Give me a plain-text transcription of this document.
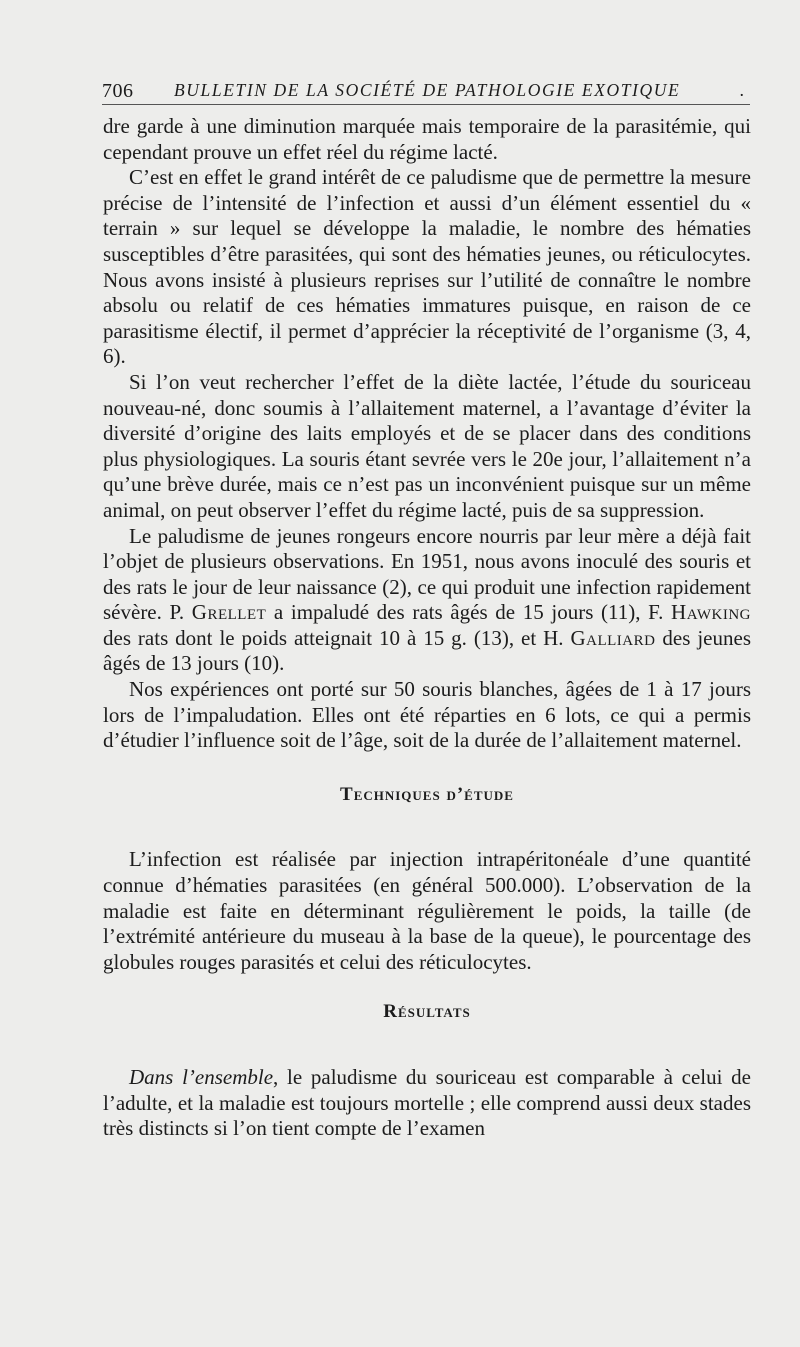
706 BULLETIN DE LA SOCIÉTÉ DE PATHOLOGIE EXOTIQUE	.

dre garde à une diminution marquée mais temporaire de la parasitémie, qui cependant prouve un effet réel du régime lacté.

C’est en effet le grand intérêt de ce paludisme que de permettre la mesure précise de l’intensité de l’infection et aussi d’un élément essentiel du « terrain » sur lequel se développe la maladie, le nombre des hématies susceptibles d’être parasitées, qui sont des hématies jeunes, ou réticulocytes. Nous avons insisté à plusieurs reprises sur l’utilité de connaître le nombre absolu ou relatif de ces hématies immatures puisque, en raison de ce parasitisme électif, il permet d’apprécier la réceptivité de l’organisme (3, 4, 6).

Si l’on veut rechercher l’effet de la diète lactée, l’étude du souriceau nouveau-né, donc soumis à l’allaitement maternel, a l’avantage d’éviter la diversité d’origine des laits employés et de se placer dans des conditions plus physiologiques. La souris étant sevrée vers le 20e jour, l’allaitement n’a qu’une brève durée, mais ce n’est pas un inconvénient puisque sur un même animal, on peut observer l’effet du régime lacté, puis de sa suppression.

Le paludisme de jeunes rongeurs encore nourris par leur mère a déjà fait l’objet de plusieurs observations. En 1951, nous avons inoculé des souris et des rats le jour de leur naissance (2), ce qui produit une infection rapidement sévère. P. Grellet a impaludé des rats âgés de 15 jours (11), F. Hawking des rats dont le poids atteignait 10 à 15 g. (13), et H. Galliard des jeunes âgés de 13 jours (10).

Nos expériences ont porté sur 50 souris blanches, âgées de 1 à 17 jours lors de l’impaludation. Elles ont été réparties en 6 lots, ce qui a permis d’étudier l’influence soit de l’âge, soit de la durée de l’allaitement maternel.

Techniques d’étude

L’infection est réalisée par injection intrapéritonéale d’une quantité connue d’hématies parasitées (en général 500.000). L’observation de la maladie est faite en déterminant régulièrement le poids, la taille (de l’extrémité antérieure du museau à la base de la queue), le pourcentage des globules rouges parasités et celui des réticulocytes.

Résultats

Dans l’ensemble, le paludisme du souriceau est comparable à celui de l’adulte, et la maladie est toujours mortelle ; elle comprend aussi deux stades très distincts si l’on tient compte de l’examen
